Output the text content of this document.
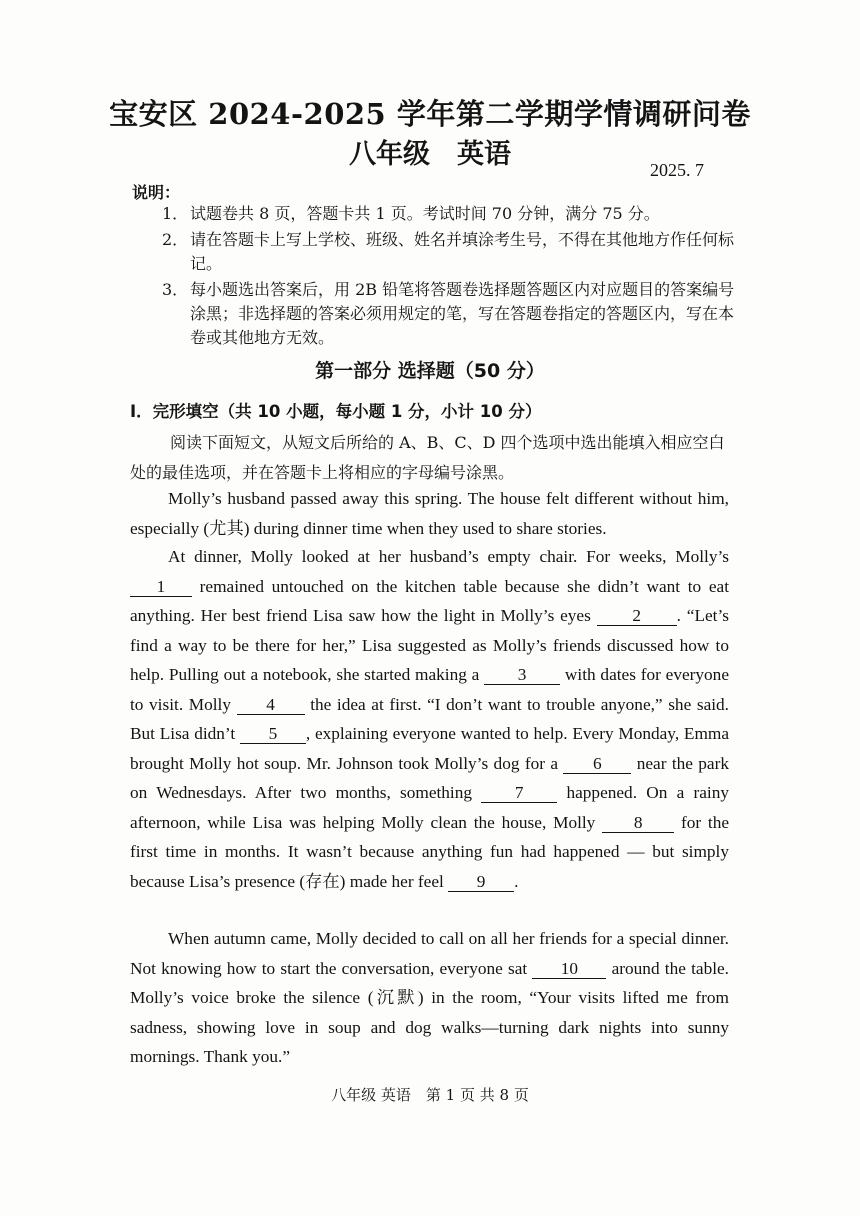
宝安区 2024-2025 学年第二学期学情调研问卷
八年级　英语	2025. 7
说明：
1． 试题卷共 8 页，答题卡共 1 页。考试时间 70 分钟，满分 75 分。
2． 请在答题卡上写上学校、班级、姓名并填涂考生号，不得在其他地方作任何标记。
3． 每小题选出答案后，用 2B 铅笔将答题卷选择题答题区内对应题目的答案编号涂黑；非选择题的答案必须用规定的笔，写在答题卷指定的答题区内，写在本卷或其他地方无效。
第一部分 选择题（50 分）
I．完形填空（共 10 小题，每小题 1 分，小计 10 分）
阅读下面短文，从短文后所给的 A、B、C、D 四个选项中选出能填入相应空白处的最佳选项，并在答题卡上将相应的字母编号涂黑。
Molly’s husband passed away this spring. The house felt different without him, especially (尤其) during dinner time when they used to share stories.
At dinner, Molly looked at her husband’s empty chair. For weeks, Molly’s 1 remained untouched on the kitchen table because she didn’t want to eat anything. Her best friend Lisa saw how the light in Molly’s eyes 2 . “Let’s find a way to be there for her,” Lisa suggested as Molly’s friends discussed how to help. Pulling out a notebook, she started making a 3 with dates for everyone to visit. Molly 4 the idea at first. “I don’t want to trouble anyone,” she said. But Lisa didn’t 5 , explaining everyone wanted to help. Every Monday, Emma brought Molly hot soup. Mr. Johnson took Molly’s dog for a 6 near the park on Wednesdays. After two months, something 7 happened. On a rainy afternoon, while Lisa was helping Molly clean the house, Molly 8 for the first time in months. It wasn’t because anything fun had happened — but simply because Lisa’s presence (存在) made her feel 9 .
When autumn came, Molly decided to call on all her friends for a special dinner. Not knowing how to start the conversation, everyone sat 10 around the table. Molly’s voice broke the silence (沉默) in the room, “Your visits lifted me from sadness, showing love in soup and dog walks—turning dark nights into sunny mornings. Thank you.”
八年级 英语　第 1 页 共 8 页
